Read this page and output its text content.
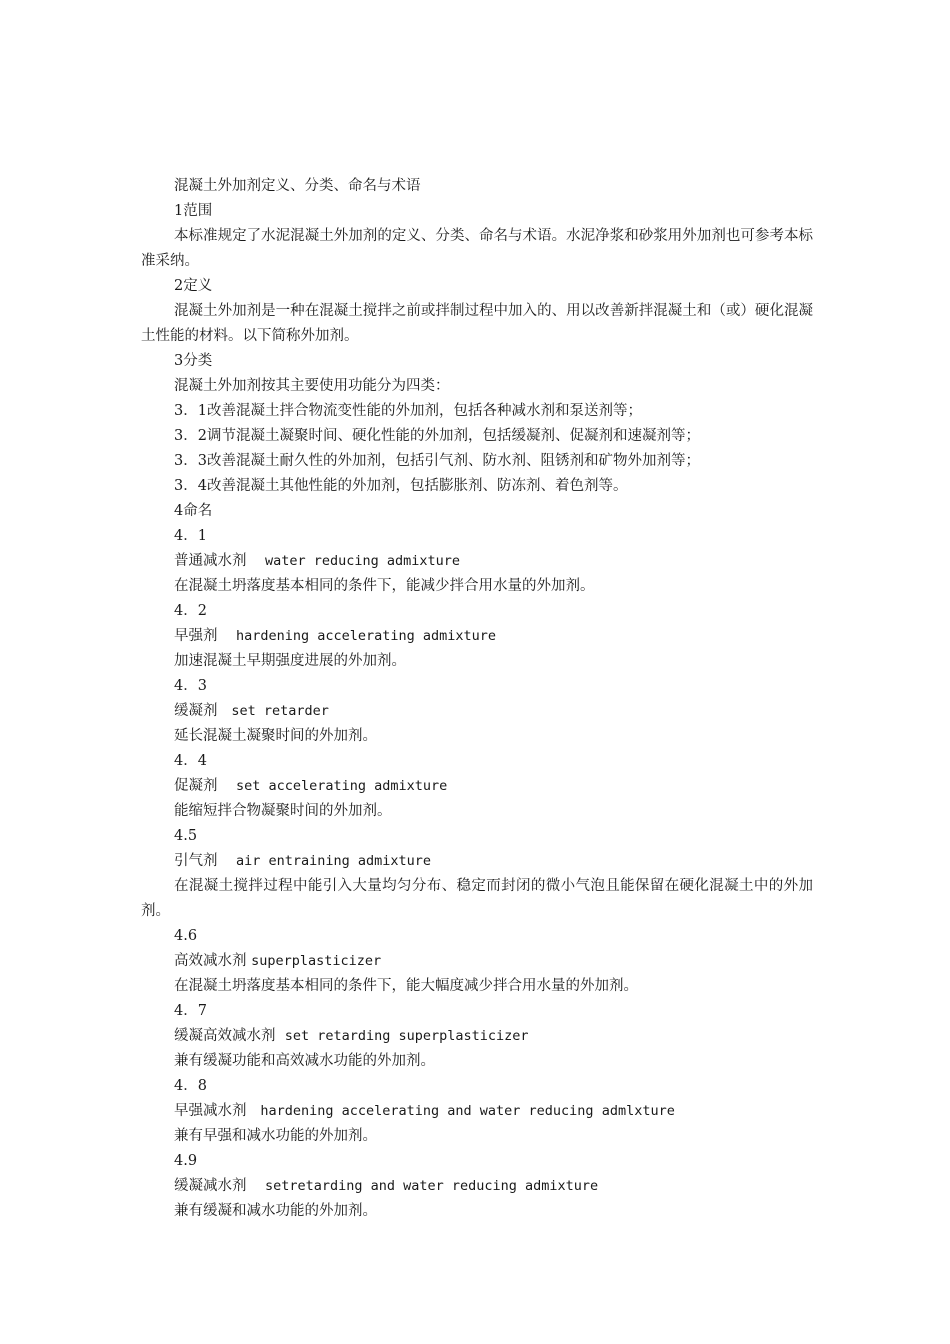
混凝土外加剂定义、分类、命名与术语
1范围
本标准规定了水泥混凝土外加剂的定义、分类、命名与术语。水泥净浆和砂浆用外加剂也可参考本标准采纳。
2定义
混凝土外加剂是一种在混凝土搅拌之前或拌制过程中加入的、用以改善新拌混凝土和（或）硬化混凝土性能的材料。以下简称外加剂。
3分类
混凝土外加剂按其主要使用功能分为四类：
3．1改善混凝土拌合物流变性能的外加剂，包括各种减水剂和泵送剂等；
3．2调节混凝土凝聚时间、硬化性能的外加剂，包括缓凝剂、促凝剂和速凝剂等；
3．3改善混凝土耐久性的外加剂，包括引气剂、防水剂、阻锈剂和矿物外加剂等；
3．4改善混凝土其他性能的外加剂，包括膨胀剂、防冻剂、着色剂等。
4命名
4．1
普通减水剂 water reducing admixture
在混凝土坍落度基本相同的条件下，能减少拌合用水量的外加剂。
4．2
早强剂 hardening accelerating admixture
加速混凝土早期强度进展的外加剂。
4．3
缓凝剂 set retarder
延长混凝土凝聚时间的外加剂。
4．4
促凝剂 set accelerating admixture
能缩短拌合物凝聚时间的外加剂。
4.5
引气剂 air entraining admixture
在混凝土搅拌过程中能引入大量均匀分布、稳定而封闭的微小气泡且能保留在硬化混凝土中的外加剂。
4.6
高效减水剂 superplasticizer
在混凝土坍落度基本相同的条件下，能大幅度减少拌合用水量的外加剂。
4．7
缓凝高效减水剂 set retarding superplasticizer
兼有缓凝功能和高效减水功能的外加剂。
4．8
早强减水剂 hardening accelerating and water reducing admlxture
兼有早强和减水功能的外加剂。
4.9
缓凝减水剂 setretarding and water reducing admixture
兼有缓凝和减水功能的外加剂。
